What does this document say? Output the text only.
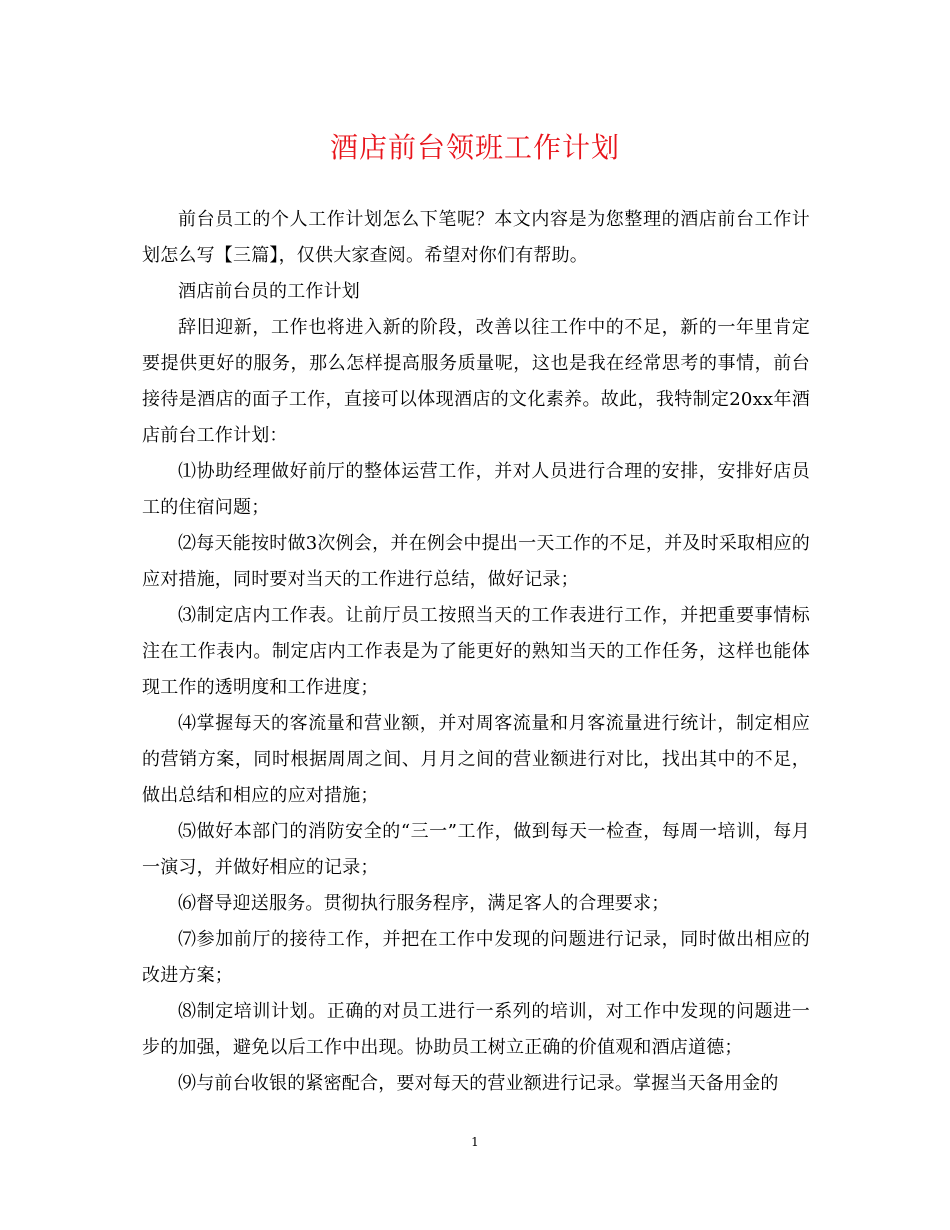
酒店前台领班工作计划

前台员工的个人工作计划怎么下笔呢？本文内容是为您整理的酒店前台工作计划怎么写【三篇】，仅供大家查阅。希望对你们有帮助。

酒店前台员的工作计划

辞旧迎新，工作也将进入新的阶段，改善以往工作中的不足，新的一年里肯定要提供更好的服务，那么怎样提高服务质量呢，这也是我在经常思考的事情，前台接待是酒店的面子工作，直接可以体现酒店的文化素养。故此，我特制定20xx年酒店前台工作计划：

⑴协助经理做好前厅的整体运营工作，并对人员进行合理的安排，安排好店员工的住宿问题；

⑵每天能按时做3次例会，并在例会中提出一天工作的不足，并及时采取相应的应对措施，同时要对当天的工作进行总结，做好记录；

⑶制定店内工作表。让前厅员工按照当天的工作表进行工作，并把重要事情标注在工作表内。制定店内工作表是为了能更好的熟知当天的工作任务，这样也能体现工作的透明度和工作进度；

⑷掌握每天的客流量和营业额，并对周客流量和月客流量进行统计，制定相应的营销方案，同时根据周周之间、月月之间的营业额进行对比，找出其中的不足，做出总结和相应的应对措施；

⑸做好本部门的消防安全的“三一”工作，做到每天一检查，每周一培训，每月一演习，并做好相应的记录；

⑹督导迎送服务。贯彻执行服务程序，满足客人的合理要求；

⑺参加前厅的接待工作，并把在工作中发现的问题进行记录，同时做出相应的改进方案；

⑻制定培训计划。正确的对员工进行一系列的培训，对工作中发现的问题进一步的加强，避免以后工作中出现。协助员工树立正确的价值观和酒店道德；

⑼与前台收银的紧密配合，要对每天的营业额进行记录。掌握当天备用金的

1
